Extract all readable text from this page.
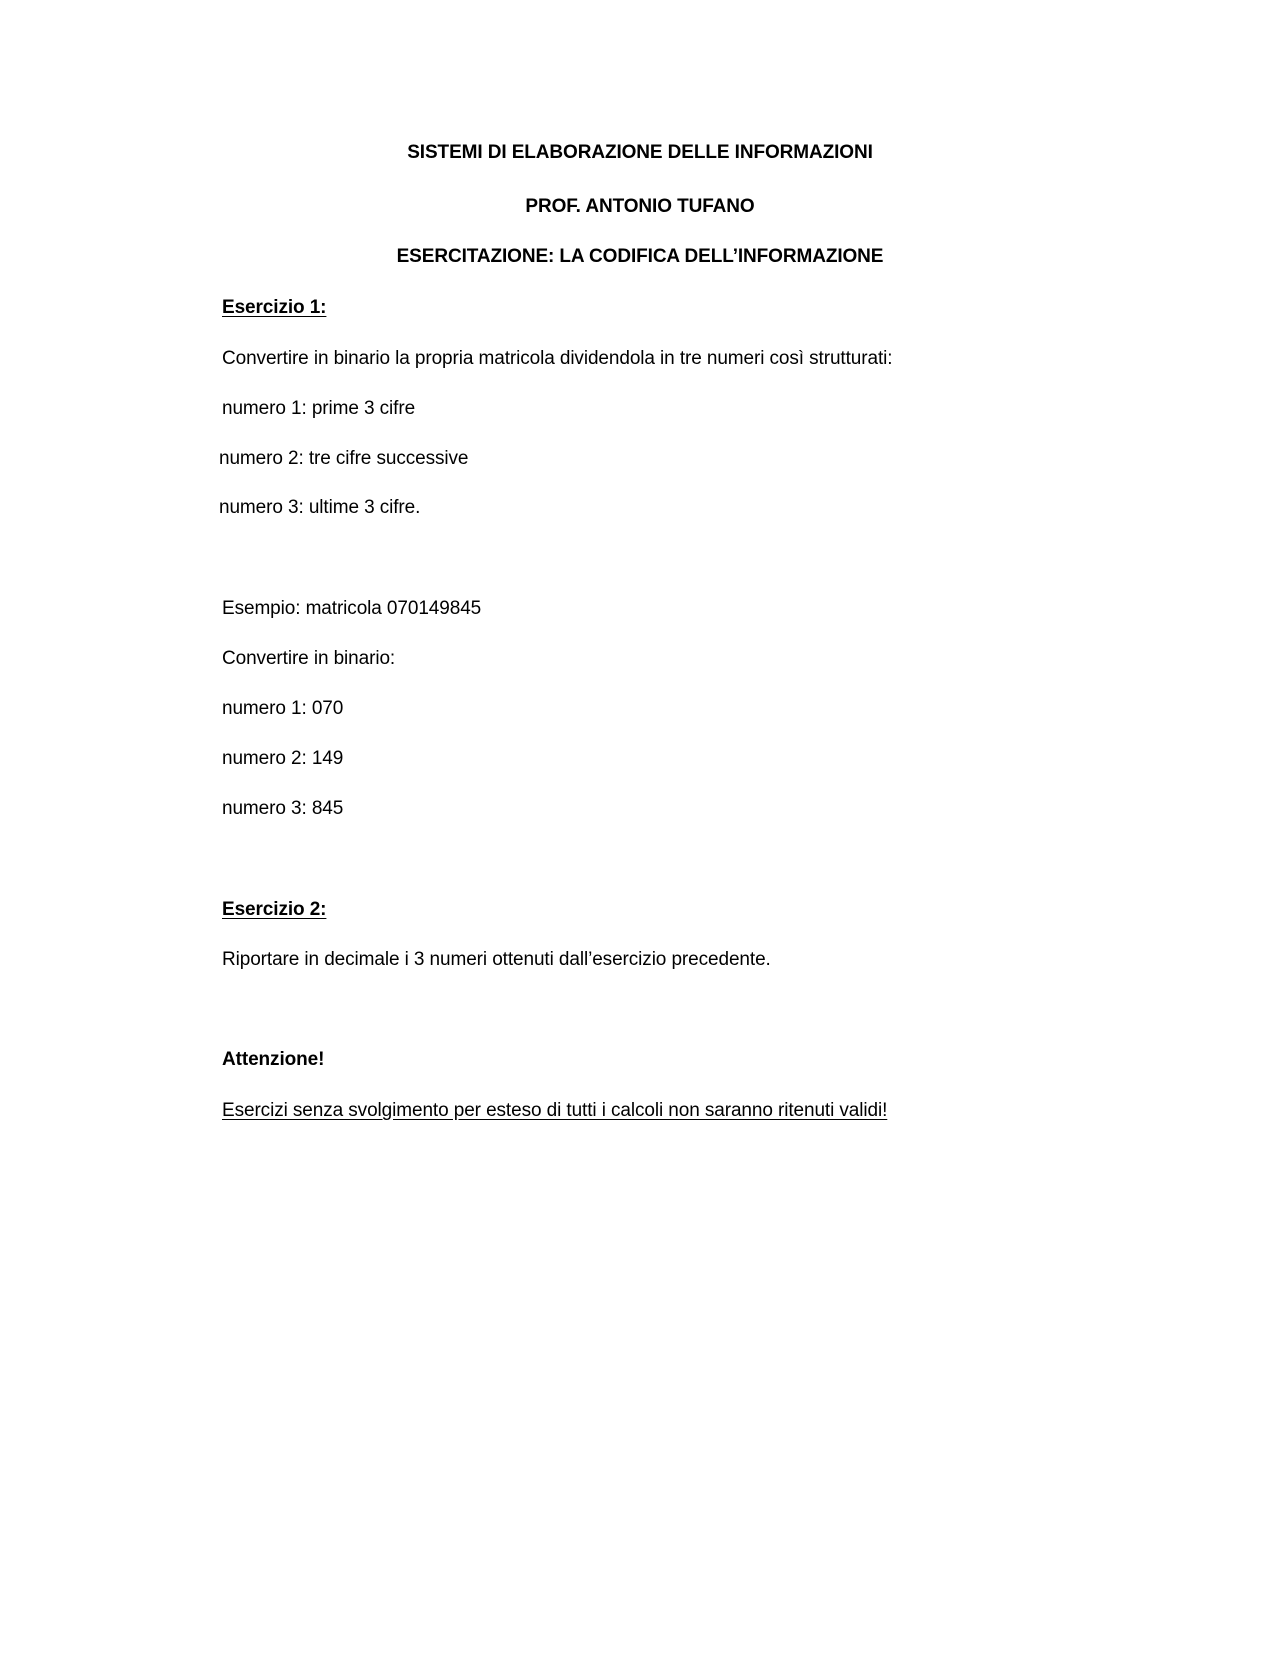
SISTEMI DI ELABORAZIONE DELLE INFORMAZIONI
PROF. ANTONIO TUFANO
ESERCITAZIONE: LA CODIFICA DELL’INFORMAZIONE
Esercizio 1:
Convertire in binario la propria matricola dividendola in tre numeri così strutturati:
numero 1: prime 3 cifre
numero 2: tre cifre successive
numero 3: ultime 3 cifre.
Esempio: matricola 070149845
Convertire in binario:
numero 1: 070
numero 2: 149
numero 3: 845
Esercizio 2:
Riportare in decimale i 3 numeri ottenuti dall’esercizio precedente.
Attenzione!
Esercizi senza svolgimento per esteso di tutti i calcoli non saranno ritenuti validi!
